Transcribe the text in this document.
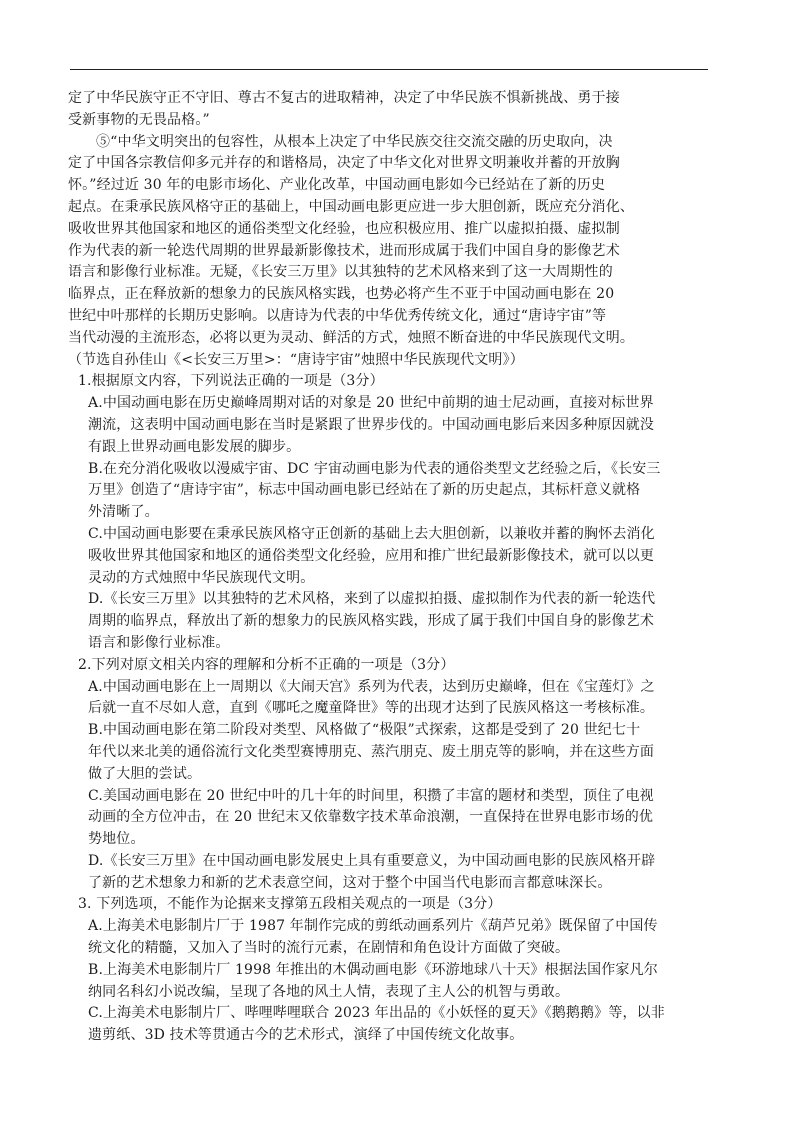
定了中华民族守正不守旧、尊古不复古的进取精神，决定了中华民族不惧新挑战、勇于接
受新事物的无畏品格。”
⑤“中华文明突出的包容性，从根本上决定了中华民族交往交流交融的历史取向，决
定了中国各宗教信仰多元并存的和谐格局，决定了中华文化对世界文明兼收并蓄的开放胸
怀。”经过近 30 年的电影市场化、产业化改革，中国动画电影如今已经站在了新的历史
起点。在秉承民族风格守正的基础上，中国动画电影更应进一步大胆创新，既应充分消化、
吸收世界其他国家和地区的通俗类型文化经验，也应积极应用、推广以虚拟拍摄、虚拟制
作为代表的新一轮迭代周期的世界最新影像技术，进而形成属于我们中国自身的影像艺术
语言和影像行业标准。无疑，《长安三万里》以其独特的艺术风格来到了这一大周期性的
临界点，正在释放新的想象力的民族风格实践，也势必将产生不亚于中国动画电影在 20
世纪中叶那样的长期历史影响。以唐诗为代表的中华优秀传统文化，通过“唐诗宇宙”等
当代动漫的主流形态，必将以更为灵动、鲜活的方式，烛照不断奋进的中华民族现代文明。
（节选自孙佳山《<长安三万里>：“唐诗宇宙”烛照中华民族现代文明》）
1.根据原文内容，下列说法正确的一项是（3分）
A.中国动画电影在历史巅峰周期对话的对象是 20 世纪中前期的迪士尼动画，直接对标世界
潮流，这表明中国动画电影在当时是紧跟了世界步伐的。中国动画电影后来因多种原因就没
有跟上世界动画电影发展的脚步。
B.在充分消化吸收以漫威宇宙、DC 宇宙动画电影为代表的通俗类型文艺经验之后，《长安三
万里》创造了“唐诗宇宙”，标志中国动画电影已经站在了新的历史起点，其标杆意义就格
外清晰了。
C.中国动画电影要在秉承民族风格守正创新的基础上去大胆创新，以兼收并蓄的胸怀去消化
吸收世界其他国家和地区的通俗类型文化经验，应用和推广世纪最新影像技术，就可以以更
灵动的方式烛照中华民族现代文明。
D.《长安三万里》以其独特的艺术风格，来到了以虚拟拍摄、虚拟制作为代表的新一轮迭代
周期的临界点，释放出了新的想象力的民族风格实践，形成了属于我们中国自身的影像艺术
语言和影像行业标准。
2.下列对原文相关内容的理解和分析不正确的一项是（3分）
A.中国动画电影在上一周期以《大闹天宫》系列为代表，达到历史巅峰，但在《宝莲灯》之
后就一直不尽如人意，直到《哪吒之魔童降世》等的出现才达到了民族风格这一考核标准。
B.中国动画电影在第二阶段对类型、风格做了“极限”式探索，这都是受到了 20 世纪七十
年代以来北美的通俗流行文化类型赛博朋克、蒸汽朋克、废土朋克等的影响，并在这些方面
做了大胆的尝试。
C.美国动画电影在 20 世纪中叶的几十年的时间里，积攒了丰富的题材和类型，顶住了电视
动画的全方位冲击，在 20 世纪末又依靠数字技术革命浪潮，一直保持在世界电影市场的优
势地位。
D.《长安三万里》在中国动画电影发展史上具有重要意义，为中国动画电影的民族风格开辟
了新的艺术想象力和新的艺术表意空间，这对于整个中国当代电影而言都意味深长。
3. 下列选项，不能作为论据来支撑第五段相关观点的一项是（3分）
A.上海美术电影制片厂于 1987 年制作完成的剪纸动画系列片《葫芦兄弟》既保留了中国传
统文化的精髓，又加入了当时的流行元素，在剧情和角色设计方面做了突破。
B.上海美术电影制片厂 1998 年推出的木偶动画电影《环游地球八十天》根据法国作家凡尔
纳同名科幻小说改编，呈现了各地的风土人情，表现了主人公的机智与勇敢。
C.上海美术电影制片厂、哔哩哔哩联合 2023 年出品的《小妖怪的夏天》《鹅鹅鹅》等，以非
遗剪纸、3D 技术等贯通古今的艺术形式，演绎了中国传统文化故事。
